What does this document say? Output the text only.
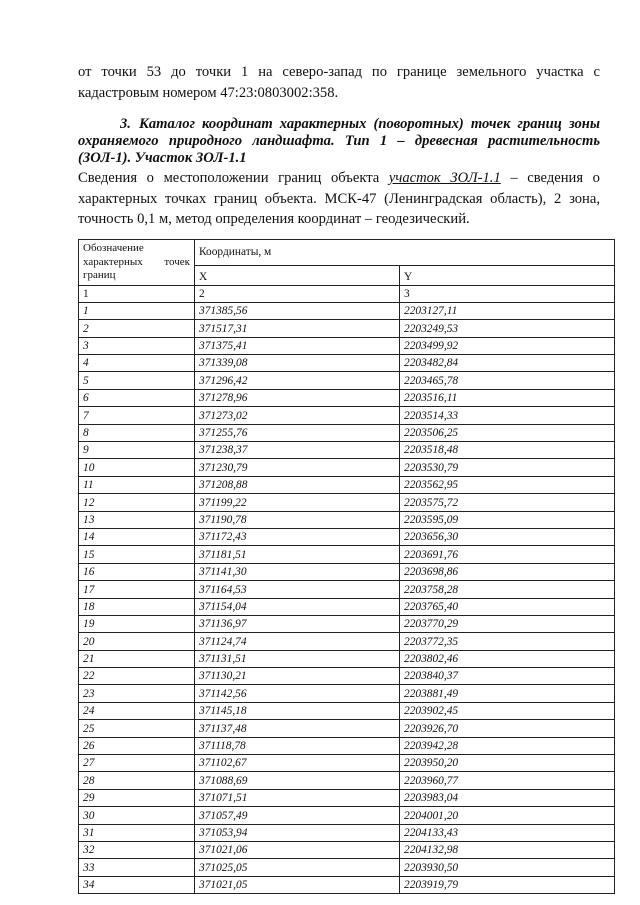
от точки 53 до точки 1 на северо-запад по границе земельного участка с кадастровым номером 47:23:0803002:358.

3. Каталог координат характерных (поворотных) точек границ зоны охраняемого природного ландшафта. Тип 1 – древесная растительность (ЗОЛ-1). Участок ЗОЛ-1.1

Сведения о местоположении границ объекта участок ЗОЛ-1.1 – сведения о характерных точках границ объекта. МСК-47 (Ленинградская область), 2 зона, точность 0,1 м, метод определения координат – геодезический.

Обозначение характерных точек границ	Координаты, м	
	X	Y
1	2	3
1	371385,56	2203127,11
2	371517,31	2203249,53
3	371375,41	2203499,92
4	371339,08	2203482,84
5	371296,42	2203465,78
6	371278,96	2203516,11
7	371273,02	2203514,33
8	371255,76	2203506,25
9	371238,37	2203518,48
10	371230,79	2203530,79
11	371208,88	2203562,95
12	371199,22	2203575,72
13	371190,78	2203595,09
14	371172,43	2203656,30
15	371181,51	2203691,76
16	371141,30	2203698,86
17	371164,53	2203758,28
18	371154,04	2203765,40
19	371136,97	2203770,29
20	371124,74	2203772,35
21	371131,51	2203802,46
22	371130,21	2203840,37
23	371142,56	2203881,49
24	371145,18	2203902,45
25	371137,48	2203926,70
26	371118,78	2203942,28
27	371102,67	2203950,20
28	371088,69	2203960,77
29	371071,51	2203983,04
30	371057,49	2204001,20
31	371053,94	2204133,43
32	371021,06	2204132,98
33	371025,05	2203930,50
34	371021,05	2203919,79
